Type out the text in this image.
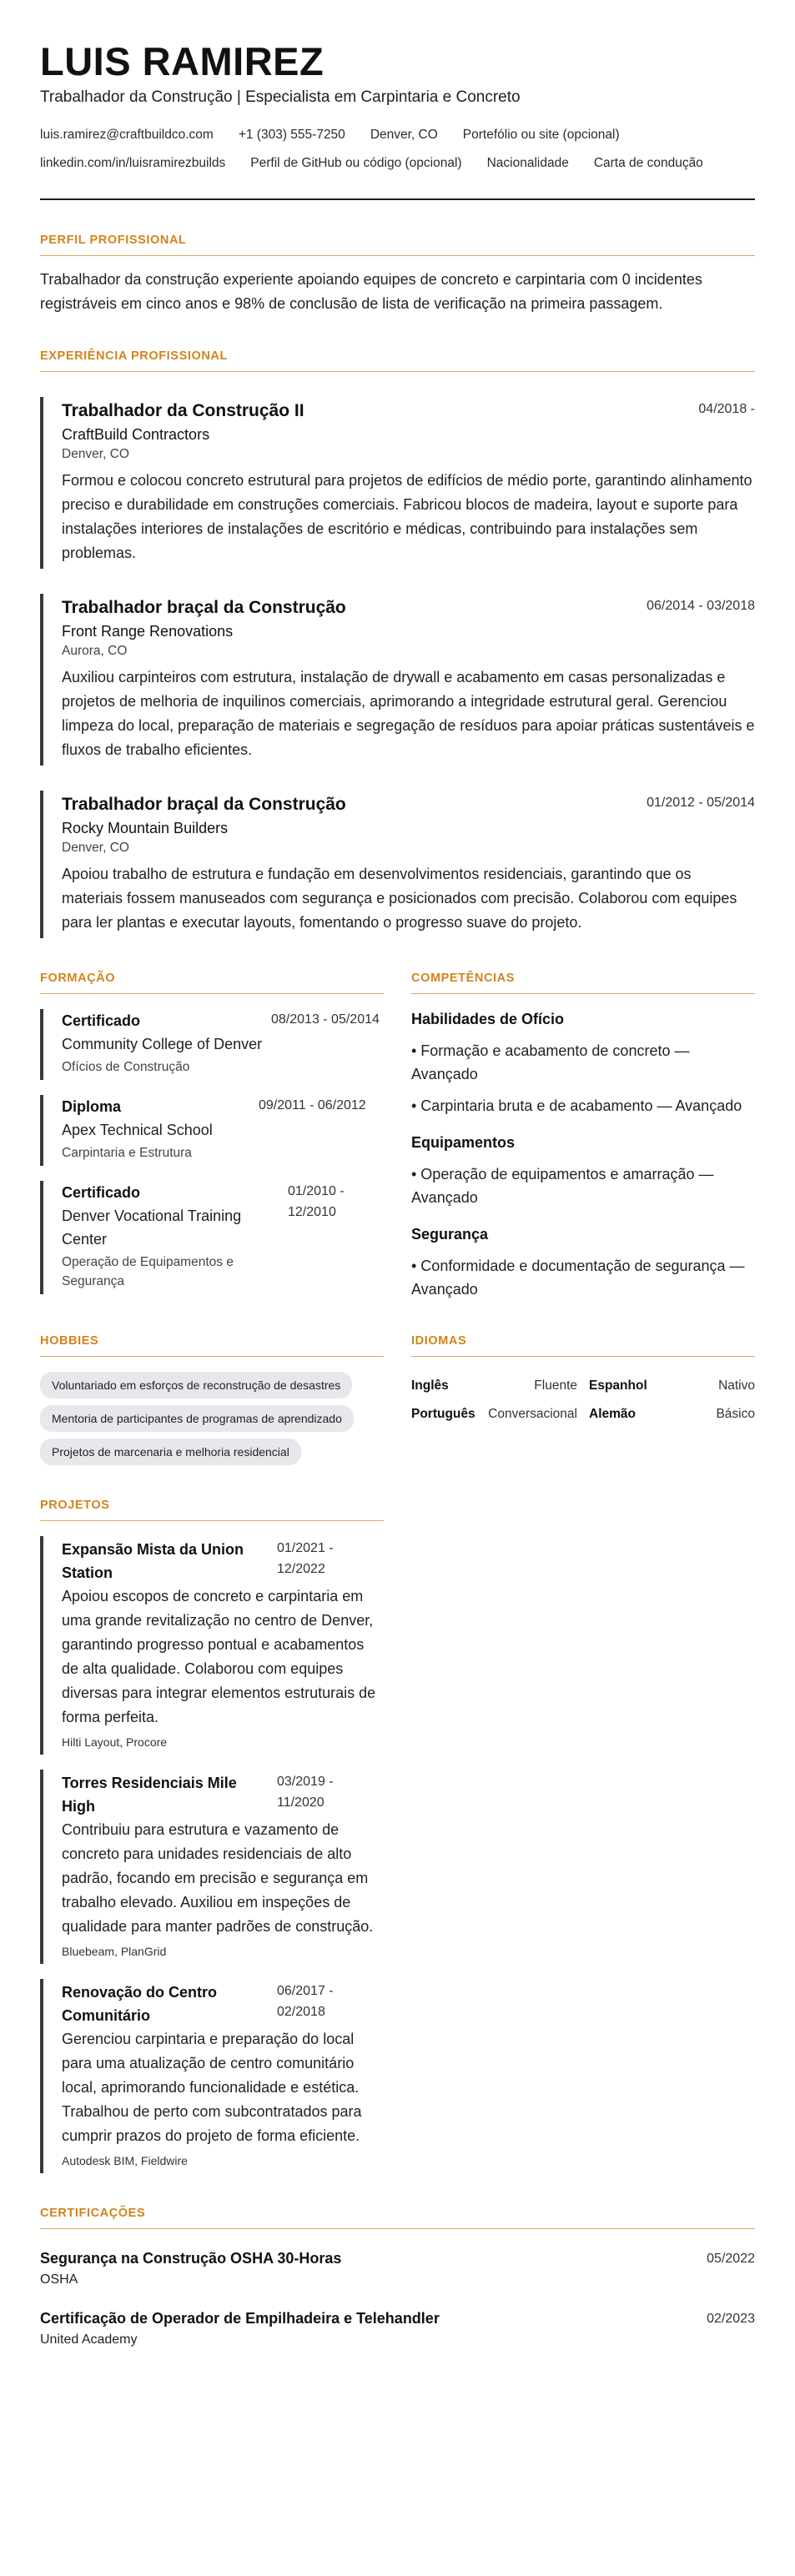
LUIS RAMIREZ
Trabalhador da Construção | Especialista em Carpintaria e Concreto
luis.ramirez@craftbuildco.com +1 (303) 555-7250 Denver, CO Portefólio ou site (opcional)
linkedin.com/in/luisramirezbuilds Perfil de GitHub ou código (opcional) Nacionalidade Carta de condução
PERFIL PROFISSIONAL
Trabalhador da construção experiente apoiando equipes de concreto e carpintaria com 0 incidentes registráveis em cinco anos e 98% de conclusão de lista de verificação na primeira passagem.
EXPERIÊNCIA PROFISSIONAL
Trabalhador da Construção II	04/2018 -
CraftBuild Contractors
Denver, CO
Formou e colocou concreto estrutural para projetos de edifícios de médio porte, garantindo alinhamento preciso e durabilidade em construções comerciais. Fabricou blocos de madeira, layout e suporte para instalações interiores de instalações de escritório e médicas, contribuindo para instalações sem problemas.
Trabalhador braçal da Construção	06/2014 - 03/2018
Front Range Renovations
Aurora, CO
Auxiliou carpinteiros com estrutura, instalação de drywall e acabamento em casas personalizadas e projetos de melhoria de inquilinos comerciais, aprimorando a integridade estrutural geral. Gerenciou limpeza do local, preparação de materiais e segregação de resíduos para apoiar práticas sustentáveis e fluxos de trabalho eficientes.
Trabalhador braçal da Construção	01/2012 - 05/2014
Rocky Mountain Builders
Denver, CO
Apoiou trabalho de estrutura e fundação em desenvolvimentos residenciais, garantindo que os materiais fossem manuseados com segurança e posicionados com precisão. Colaborou com equipes para ler plantas e executar layouts, fomentando o progresso suave do projeto.
FORMAÇÃO
Certificado
Community College of Denver
08/2013 - 05/2014
Ofícios de Construção
Diploma
Apex Technical School
09/2011 - 06/2012
Carpintaria e Estrutura
Certificado
Denver Vocational Training Center
01/2010 - 12/2010
Operação de Equipamentos e Segurança
COMPETÊNCIAS
Habilidades de Ofício
• Formação e acabamento de concreto — Avançado
• Carpintaria bruta e de acabamento — Avançado
Equipamentos
• Operação de equipamentos e amarração — Avançado
Segurança
• Conformidade e documentação de segurança — Avançado
HOBBIES
Voluntariado em esforços de reconstrução de desastres
Mentoria de participantes de programas de aprendizado
Projetos de marcenaria e melhoria residencial
IDIOMAS
Inglês	Fluente Espanhol	Nativo
Português Conversacional Alemão	Básico
PROJETOS
Expansão Mista da Union Station
01/2021 - 12/2022
Apoiou escopos de concreto e carpintaria em uma grande revitalização no centro de Denver, garantindo progresso pontual e acabamentos de alta qualidade. Colaborou com equipes diversas para integrar elementos estruturais de forma perfeita.
Hilti Layout, Procore
Torres Residenciais Mile High
03/2019 - 11/2020
Contribuiu para estrutura e vazamento de concreto para unidades residenciais de alto padrão, focando em precisão e segurança em trabalho elevado. Auxiliou em inspeções de qualidade para manter padrões de construção.
Bluebeam, PlanGrid
Renovação do Centro Comunitário
06/2017 - 02/2018
Gerenciou carpintaria e preparação do local para uma atualização de centro comunitário local, aprimorando funcionalidade e estética. Trabalhou de perto com subcontratados para cumprir prazos do projeto de forma eficiente.
Autodesk BIM, Fieldwire
CERTIFICAÇÕES
Segurança na Construção OSHA 30-Horas
OSHA
05/2022
Certificação de Operador de Empilhadeira e Telehandler
United Academy
02/2023
